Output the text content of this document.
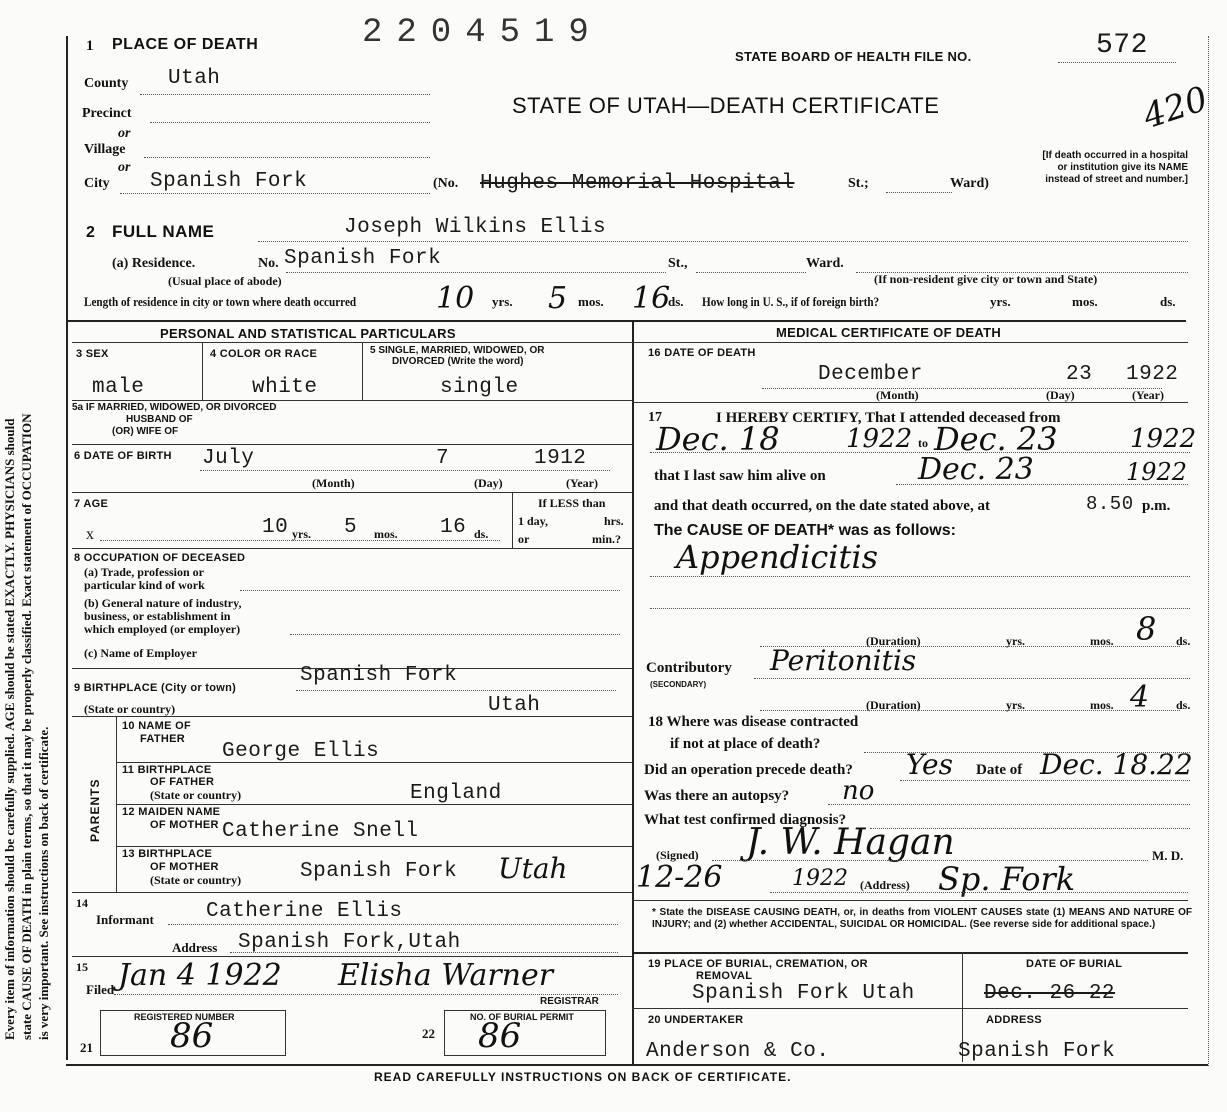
Every item of information should be carefully supplied. AGE should be stated EXACTLY. PHYSICIANS should state CAUSE OF DEATH in plain terms, so that it may be properly classified. Exact statement of OCCUPATION is very important. See instructions on back of certificate.
1 PLACE OF DEATH	2204519
STATE BOARD OF HEALTH FILE NO.	572
STATE OF UTAH—DEATH CERTIFICATE	420
[If death occurred in a hospital or institution give its NAME instead of street and number.]
County Utah
Precinct
or
Village
or
City Spanish Fork	(No. Hughes Memorial Hospital	St.;	Ward)
2 FULL NAME	Joseph Wilkins Ellis
(a) Residence.	No. Spanish Fork	St.,	Ward.
(Usual place of abode)	(If non-resident give city or town and State)
Length of residence in city or town where death occurred	10 yrs. 5 mos. 16
ds. How long in U. S., if of foreign birth?	yrs.	mos.	ds.
PERSONAL AND STATISTICAL PARTICULARS
3 SEX	4 COLOR OR RACE	5 SINGLE, MARRIED, WIDOWED, OR
DIVORCED (Write the word)
male	white	single
5a IF MARRIED, WIDOWED, OR DIVORCED
HUSBAND OF
(OR) WIFE OF
6 DATE OF BIRTH July	7	1912
(Month)	(Day)	(Year)
7 AGE
x	10 yrs. 5 mos. 16 ds.
If LESS than
1 day,	hrs.
or	min.?
8 OCCUPATION OF DECEASED
(a) Trade, profession or
particular kind of work
(b) General nature of industry,
business, or establishment in
which employed (or employer)
(c) Name of Employer
9 BIRTHPLACE (City or town)
Spanish Fork
(State or country)	Utah
PARENTS
10 NAME OF
FATHER
George Ellis
11 BIRTHPLACE
OF FATHER
(State or country)	England
12 MAIDEN NAME
OF MOTHER Catherine Snell
13 BIRTHPLACE
OF MOTHER
(State or country)	Spanish Fork Utah
14
Informant Catherine Ellis
Address Spanish Fork,Utah
15
Filed Jan 4 1922 Elisha Warner
REGISTRAR
21
REGISTERED NUMBER
86	22
NO. OF BURIAL PERMIT
86
MEDICAL CERTIFICATE OF DEATH
16 DATE OF DEATH
December	23 1922
(Month)	(Day)	(Year)
17	I HEREBY CERTIFY, That I attended deceased from
Dec. 18	1922 to Dec. 23	1922
that I last saw him alive on	Dec. 23	1922
and that death occurred, on the date stated above, at	8.50 p.m.
The CAUSE OF DEATH* was as follows:
Appendicitis
(Duration)	yrs.	mos. 8 ds.
Contributory
(SECONDARY)
Peritonitis
(Duration)	yrs.	mos. 4 ds.
18 Where was disease contracted
if not at place of death?
Did an operation precede death? Yes Date of Dec. 18.22
Was there an autopsy? no
What test confirmed diagnosis?
(Signed) J. W. Hagan	M. D.
12-26	1922 (Address) Sp. Fork
* State the DISEASE CAUSING DEATH, or, in deaths from VIOLENT CAUSES state (1) MEANS AND NATURE OF INJURY; and (2) whether ACCIDENTAL, SUICIDAL OR HOMICIDAL. (See reverse side for additional space.)
19 PLACE OF BURIAL, CREMATION, OR
REMOVAL
Spanish Fork Utah
DATE OF BURIAL
Dec. 26 22
20 UNDERTAKER
Anderson & Co.
ADDRESS
Spanish Fork
READ CAREFULLY INSTRUCTIONS ON BACK OF CERTIFICATE.
